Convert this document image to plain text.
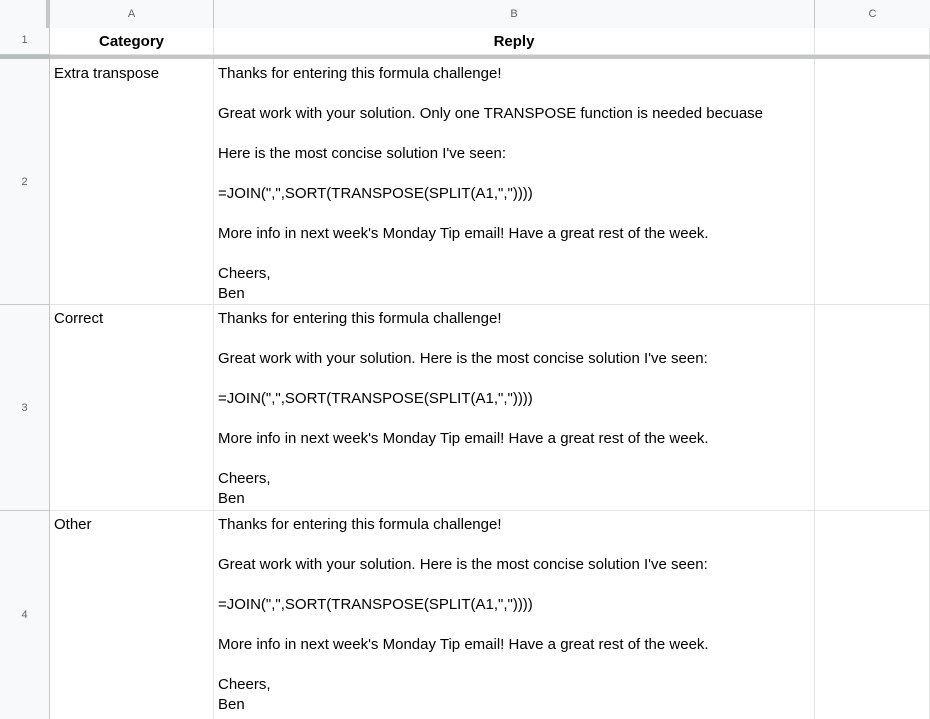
A	B	C
1
2
3
4
Category	Reply
Extra transpose	Thanks for entering this formula challenge!

Great work with your solution. Only one TRANSPOSE function is needed becuase

Here is the most concise solution I've seen:

=JOIN(",",SORT(TRANSPOSE(SPLIT(A1,","))))

More info in next week's Monday Tip email! Have a great rest of the week.

Cheers,
Ben
Correct	Thanks for entering this formula challenge!

Great work with your solution. Here is the most concise solution I've seen:

=JOIN(",",SORT(TRANSPOSE(SPLIT(A1,","))))

More info in next week's Monday Tip email! Have a great rest of the week.

Cheers,
Ben
Other	Thanks for entering this formula challenge!

Great work with your solution. Here is the most concise solution I've seen:

=JOIN(",",SORT(TRANSPOSE(SPLIT(A1,","))))

More info in next week's Monday Tip email! Have a great rest of the week.

Cheers,
Ben
